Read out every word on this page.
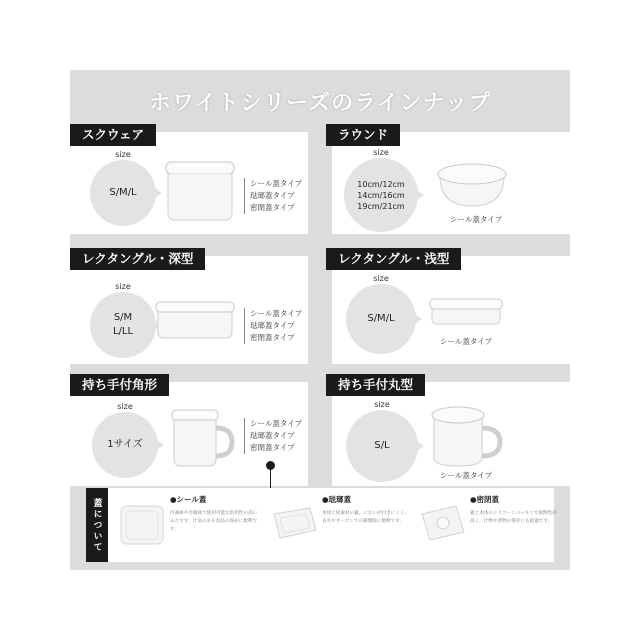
ホワイトシリーズのラインナップ
スクウェア
size
S/M/L
シール蓋タイプ
琺瑯蓋タイプ
密閉蓋タイプ
ラウンド
size
10cm/12cm
14cm/16cm
19cm/21cm
シール蓋タイプ
レクタングル・深型
size
S/M
L/LL
シール蓋タイプ
琺瑯蓋タイプ
密閉蓋タイプ
レクタングル・浅型
size
S/M/L
シール蓋タイプ
持ち手付角形
size
1サイズ
シール蓋タイプ
琺瑯蓋タイプ
密閉蓋タイプ
持ち手付丸型
size
S/L
シール蓋タイプ
蓋について	●シール蓋
冷凍庫や冷蔵庫で使用可能な汎用性の高いふたです。汁気のある食品の保存に便利です。
●琺瑯蓋
本体と同素材の蓋。においが付きにくく、直火やオーブンでの調理時に便利です。
●密閉蓋
蓋と本体のシリコーンパッキンで密閉性が高く、汁物や漬物の保存にも最適です。
